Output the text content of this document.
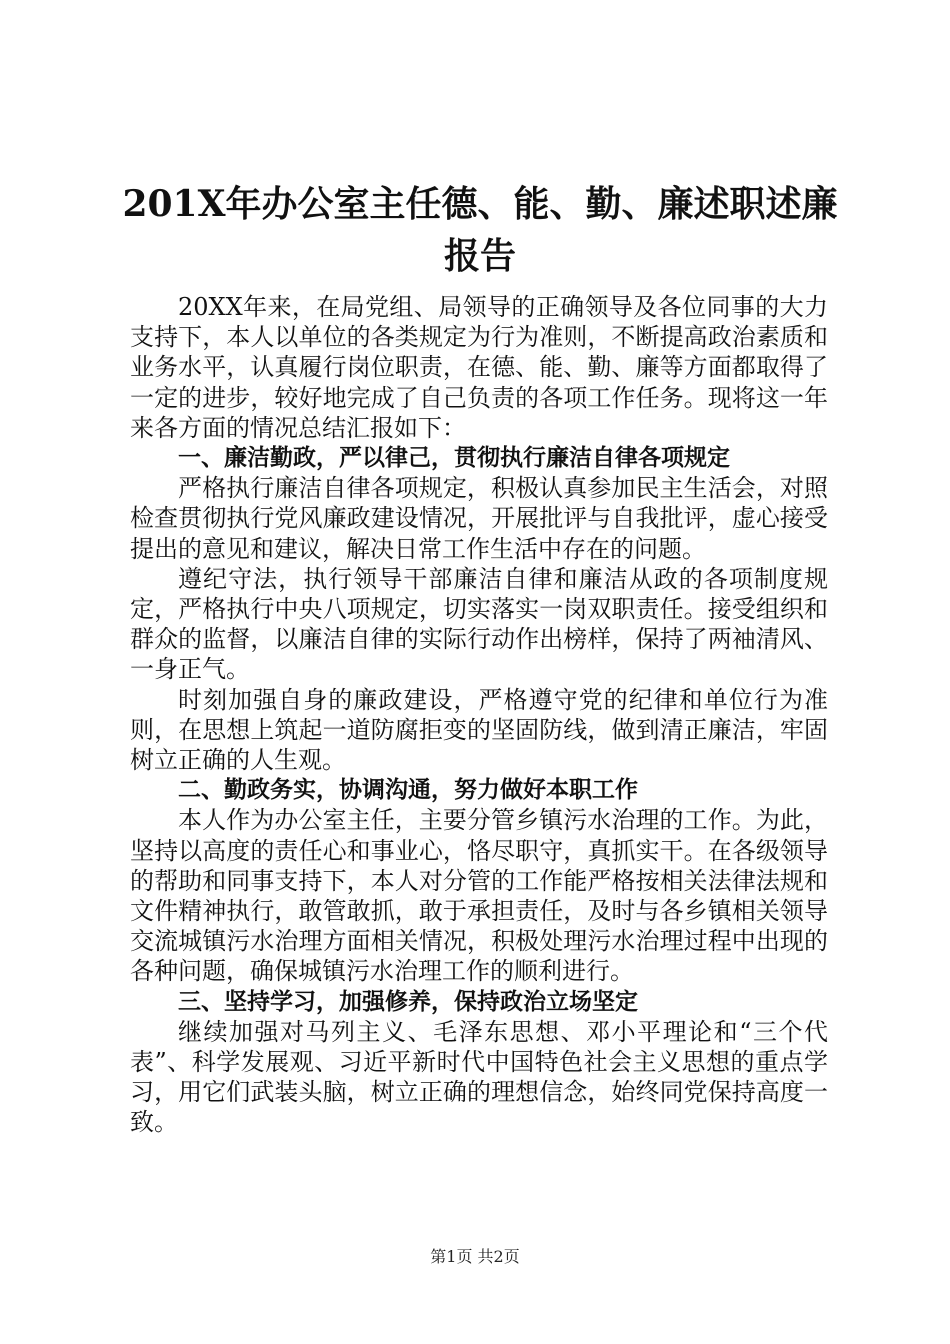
201X年办公室主任德、能、勤、廉述职述廉
报告

20XX年来，在局党组、局领导的正确领导及各位同事的大力支持下，本人以单位的各类规定为行为准则，不断提高政治素质和业务水平，认真履行岗位职责，在德、能、勤、廉等方面都取得了一定的进步，较好地完成了自己负责的各项工作任务。现将这一年来各方面的情况总结汇报如下：

一、廉洁勤政，严以律己，贯彻执行廉洁自律各项规定

严格执行廉洁自律各项规定，积极认真参加民主生活会，对照检查贯彻执行党风廉政建设情况，开展批评与自我批评，虚心接受提出的意见和建议，解决日常工作生活中存在的问题。

遵纪守法，执行领导干部廉洁自律和廉洁从政的各项制度规定，严格执行中央八项规定，切实落实一岗双职责任。接受组织和群众的监督，以廉洁自律的实际行动作出榜样，保持了两袖清风、一身正气。

时刻加强自身的廉政建设，严格遵守党的纪律和单位行为准则，在思想上筑起一道防腐拒变的坚固防线，做到清正廉洁，牢固树立正确的人生观。

二、勤政务实，协调沟通，努力做好本职工作

本人作为办公室主任，主要分管乡镇污水治理的工作。为此，坚持以高度的责任心和事业心，恪尽职守，真抓实干。在各级领导的帮助和同事支持下，本人对分管的工作能严格按相关法律法规和文件精神执行，敢管敢抓，敢于承担责任，及时与各乡镇相关领导交流城镇污水治理方面相关情况，积极处理污水治理过程中出现的各种问题，确保城镇污水治理工作的顺利进行。

三、坚持学习，加强修养，保持政治立场坚定

继续加强对马列主义、毛泽东思想、邓小平理论和“三个代表”、科学发展观、习近平新时代中国特色社会主义思想的重点学习，用它们武装头脑，树立正确的理想信念，始终同党保持高度一致。

第1页 共2页
